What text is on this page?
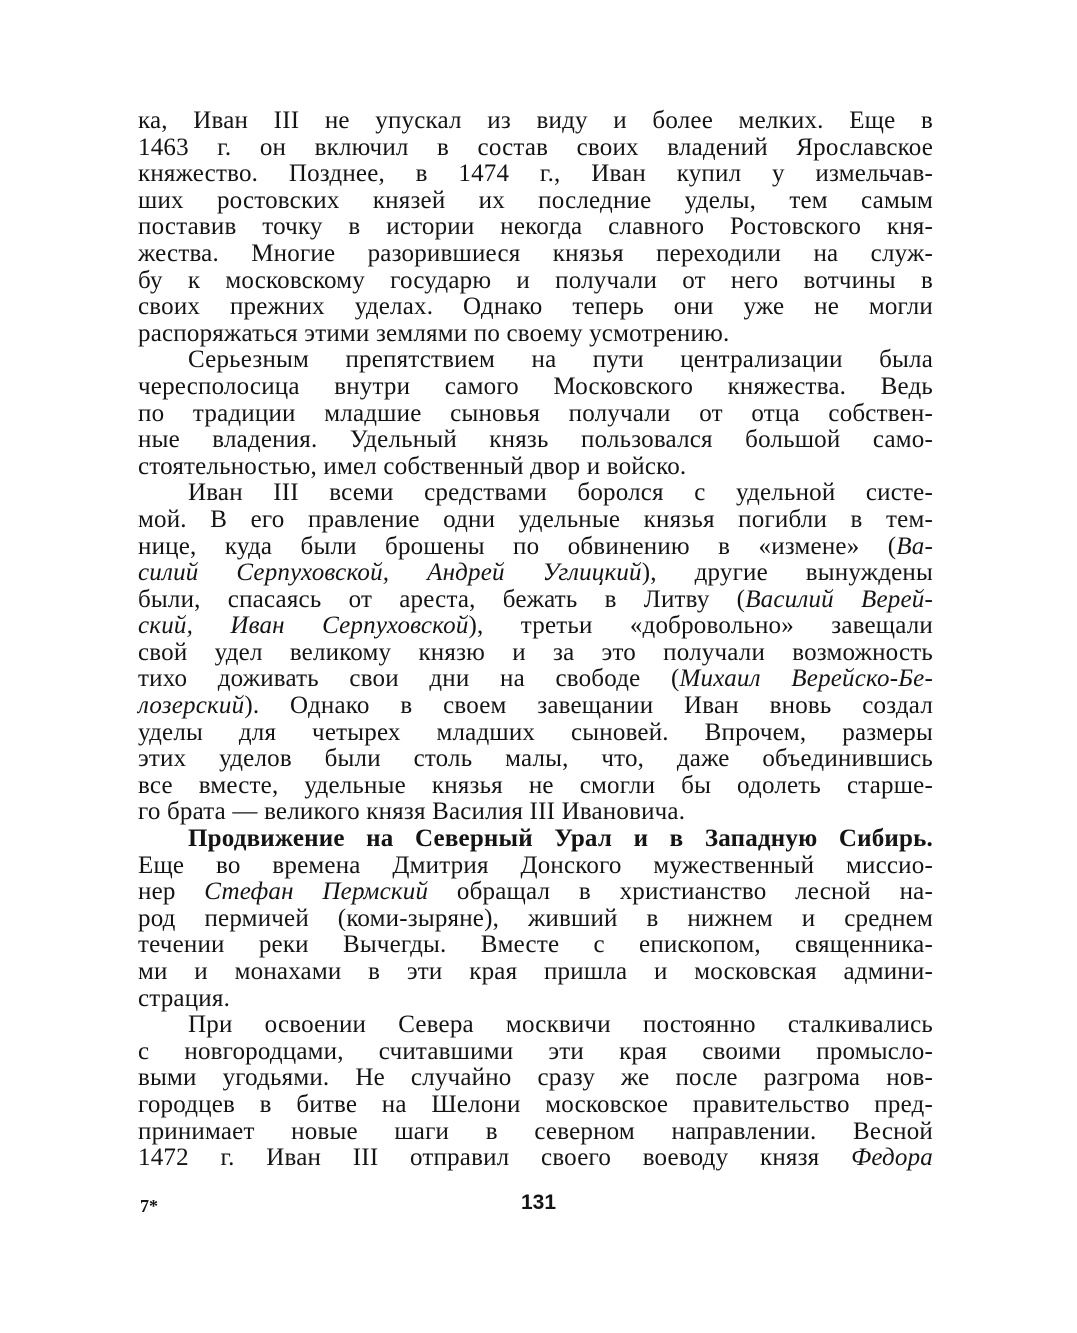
ка, Иван III не упускал из виду и более мелких. Еще в
1463 г. он включил в состав своих владений Ярославское
княжество. Позднее, в 1474 г., Иван купил у измельчав-
ших ростовских князей их последние уделы, тем самым
поставив точку в истории некогда славного Ростовского кня-
жества. Многие разорившиеся князья переходили на служ-
бу к московскому государю и получали от него вотчины в
своих прежних уделах. Однако теперь они уже не могли
распоряжаться этими землями по своему усмотрению.
Серьезным препятствием на пути централизации была
чересполосица внутри самого Московского княжества. Ведь
по традиции младшие сыновья получали от отца собствен-
ные владения. Удельный князь пользовался большой само-
стоятельностью, имел собственный двор и войско.
Иван III всеми средствами боролся с удельной систе-
мой. В его правление одни удельные князья погибли в тем-
нице, куда были брошены по обвинению в «измене» (Ва-
силий Серпуховской, Андрей Углицкий), другие вынуждены
были, спасаясь от ареста, бежать в Литву (Василий Верей-
ский, Иван Серпуховской), третьи «добровольно» завещали
свой удел великому князю и за это получали возможность
тихо доживать свои дни на свободе (Михаил Верейско-Бе-
лозерский). Однако в своем завещании Иван вновь создал
уделы для четырех младших сыновей. Впрочем, размеры
этих уделов были столь малы, что, даже объединившись
все вместе, удельные князья не смогли бы одолеть старше-
го брата — великого князя Василия III Ивановича.
Продвижение на Северный Урал и в Западную Сибирь.
Еще во времена Дмитрия Донского мужественный миссио-
нер Стефан Пермский обращал в христианство лесной на-
род пермичей (коми-зыряне), живший в нижнем и среднем
течении реки Вычегды. Вместе с епископом, священника-
ми и монахами в эти края пришла и московская админи-
страция.
При освоении Севера москвичи постоянно сталкивались
с новгородцами, считавшими эти края своими промысло-
выми угодьями. Не случайно сразу же после разгрома нов-
городцев в битве на Шелони московское правительство пред-
принимает новые шаги в северном направлении. Весной
1472 г. Иван III отправил своего воеводу князя Федора
7*	131
